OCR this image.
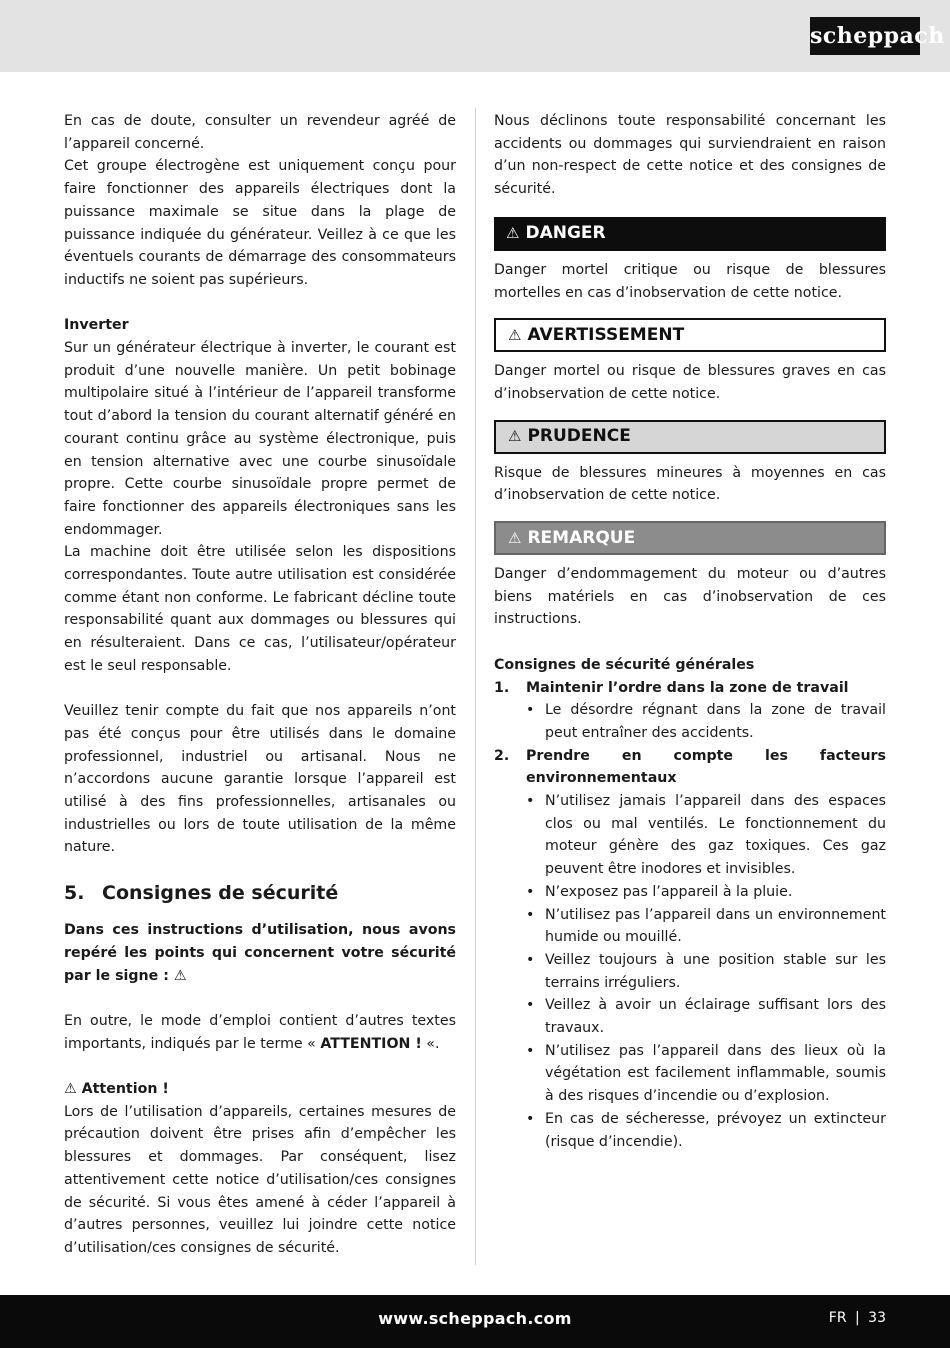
scheppach

En cas de doute, consulter un revendeur agréé de l’appareil concerné.

Cet groupe électrogène est uniquement conçu pour faire fonctionner des appareils électriques dont la puissance maximale se situe dans la plage de puissance indiquée du générateur. Veillez à ce que les éventuels courants de démarrage des consommateurs inductifs ne soient pas supérieurs.

Inverter

Sur un générateur électrique à inverter, le courant est produit d’une nouvelle manière. Un petit bobinage multipolaire situé à l’intérieur de l’appareil transforme tout d’abord la tension du courant alternatif généré en courant continu grâce au système électronique, puis en tension alternative avec une courbe sinusoïdale propre. Cette courbe sinusoïdale propre permet de faire fonctionner des appareils électroniques sans les endommager.

La machine doit être utilisée selon les dispositions correspondantes. Toute autre utilisation est considérée comme étant non conforme. Le fabricant décline toute responsabilité quant aux dommages ou blessures qui en résulteraient. Dans ce cas, l’utilisateur/opérateur est le seul responsable.

Veuillez tenir compte du fait que nos appareils n’ont pas été conçus pour être utilisés dans le domaine professionnel, industriel ou artisanal. Nous ne n’accordons aucune garantie lorsque l’appareil est utilisé à des fins professionnelles, artisanales ou industrielles ou lors de toute utilisation de la même nature.

5. Consignes de sécurité

Dans ces instructions d’utilisation, nous avons repéré les points qui concernent votre sécurité par le signe : ⚠

En outre, le mode d’emploi contient d’autres textes importants, indiqués par le terme « ATTENTION ! «.

⚠ Attention !

Lors de l’utilisation d’appareils, certaines mesures de précaution doivent être prises afin d’empêcher les blessures et dommages. Par conséquent, lisez attentivement cette notice d’utilisation/ces consignes de sécurité. Si vous êtes amené à céder l’appareil à d’autres personnes, veuillez lui joindre cette notice d’utilisation/ces consignes de sécurité.

Nous déclinons toute responsabilité concernant les accidents ou dommages qui surviendraient en raison d’un non-respect de cette notice et des consignes de sécurité.

⚠ DANGER

Danger mortel critique ou risque de blessures mortelles en cas d’inobservation de cette notice.

⚠ AVERTISSEMENT

Danger mortel ou risque de blessures graves en cas d’inobservation de cette notice.

⚠ PRUDENCE

Risque de blessures mineures à moyennes en cas d’inobservation de cette notice.

⚠ REMARQUE

Danger d’endommagement du moteur ou d’autres biens matériels en cas d’inobservation de ces instructions.

Consignes de sécurité générales

1.	Maintenir l’ordre dans la zone de travail
• Le désordre régnant dans la zone de travail peut entraîner des accidents.
2.	Prendre en compte les facteurs environnementaux
• N’utilisez jamais l’appareil dans des espaces clos ou mal ventilés. Le fonctionnement du moteur génère des gaz toxiques. Ces gaz peuvent être inodores et invisibles.
• N’exposez pas l’appareil à la pluie.
• N’utilisez pas l’appareil dans un environnement humide ou mouillé.
• Veillez toujours à une position stable sur les terrains irréguliers.
• Veillez à avoir un éclairage suffisant lors des travaux.
• N’utilisez pas l’appareil dans des lieux où la végétation est facilement inflammable, soumis à des risques d’incendie ou d’explosion.
• En cas de sécheresse, prévoyez un extincteur (risque d’incendie).
www.scheppach.com	FR | 33
